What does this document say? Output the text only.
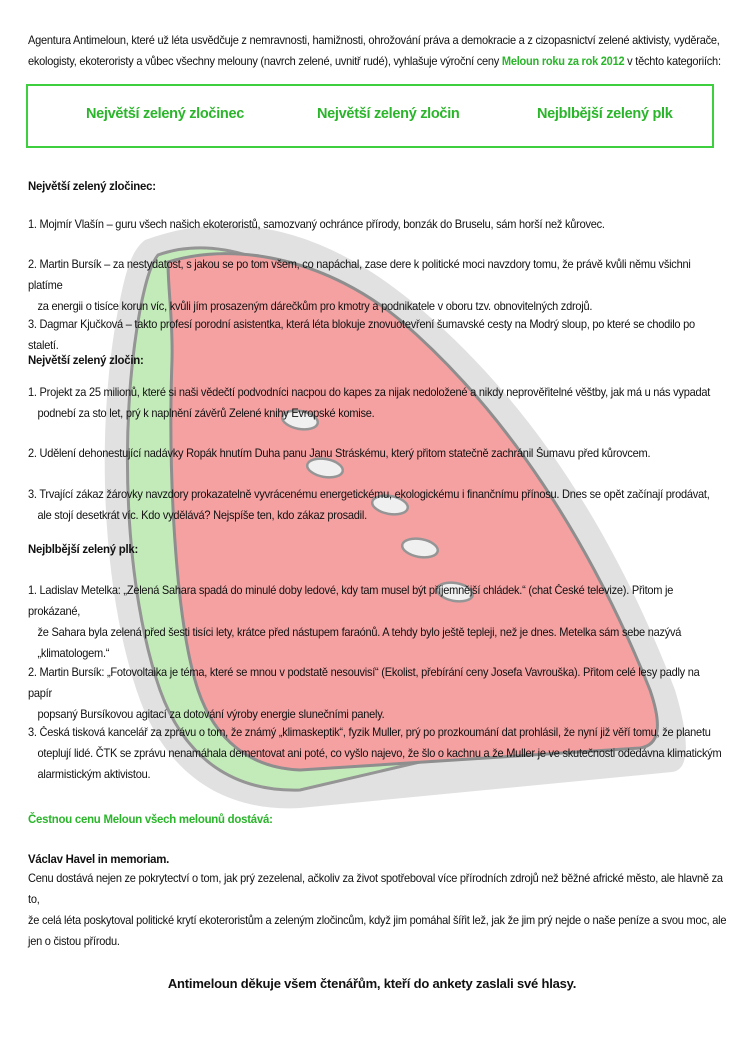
Agentura Antimeloun, které už léta usvědčuje z nemravnosti, hamižnosti, ohrožování práva a demokracie a z cizopasnictví zelené aktivisty, vyděrače,
ekologisty, ekoteroristy a vůbec všechny melouny (navrch zelené, uvnitř rudé), vyhlašuje výroční ceny Meloun roku za rok 2012 v těchto kategoriích:
Největší zelený zločinec	Největší zelený zločin	Nejblbější zelený plk
Největší zelený zločinec:
1. Mojmír Vlašín – guru všech našich ekoteroristů, samozvaný ochránce přírody, bonzák do Bruselu, sám horší než kůrovec.
2. Martin Bursík – za nestydatost, s jakou se po tom všem, co napáchal, zase dere k politické moci navzdory tomu, že právě kvůli němu všichni platíme
za energii o tisíce korun víc, kvůli jím prosazeným dárečkům pro kmotry a podnikatele v oboru tzv. obnovitelných zdrojů.
3. Dagmar Kjučková – takto profesí porodní asistentka, která léta blokuje znovuotevření šumavské cesty na Modrý sloup, po které se chodilo po staletí.
Největší zelený zločin:
1. Projekt za 25 milionů, které si naši vědečtí podvodníci nacpou do kapes za nijak nedoložené a nikdy neprověřitelné věštby, jak má u nás vypadat
podnebí za sto let, prý k naplnění závěrů Zelené knihy Evropské komise.
2. Udělení dehonestující nadávky Ropák hnutím Duha panu Janu Stráskému, který přitom statečně zachránil Šumavu před kůrovcem.
3. Trvající zákaz žárovky navzdory prokazatelně vyvrácenému energetickému, ekologickému i finančnímu přínosu. Dnes se opět začínají prodávat,
ale stojí desetkrát víc. Kdo vydělává? Nejspíše ten, kdo zákaz prosadil.
Nejblbější zelený plk:
1. Ladislav Metelka: „Zelená Sahara spadá do minulé doby ledové, kdy tam musel být příjemnější chládek.“ (chat České televize). Přitom je prokázané,
že Sahara byla zelená před šesti tisíci lety, krátce před nástupem faraónů. A tehdy bylo ještě tepleji, než je dnes. Metelka sám sebe nazývá
„klimatologem.“
2. Martin Bursík: „Fotovoltaika je téma, které se mnou v podstatě nesouvisí“ (Ekolist, přebírání ceny Josefa Vavrouška). Přitom celé lesy padly na papír
popsaný Bursíkovou agitací za dotování výroby energie slunečními panely.
3. Česká tisková kancelář za zprávu o tom, že známý „klimaskeptik“, fyzik Muller, prý po prozkoumání dat prohlásil, že nyní již věří tomu, že planetu
oteplují lidé. ČTK se zprávu nenamáhala dementovat ani poté, co vyšlo najevo, že šlo o kachnu a že Muller je ve skutečnosti odedávna klimatickým
alarmistickým aktivistou.
Čestnou cenu Meloun všech melounů dostává:
Václav Havel in memoriam.
Cenu dostává nejen ze pokrytectví o tom, jak prý zezelenal, ačkoliv za život spotřeboval více přírodních zdrojů než běžné africké město, ale hlavně za to,
že celá léta poskytoval politické krytí ekoteroristům a zeleným zločincům, když jim pomáhal šířit lež, jak že jim prý nejde o naše peníze a svou moc, ale
jen o čistou přírodu.
Antimeloun děkuje všem čtenářům, kteří do ankety zaslali své hlasy.
